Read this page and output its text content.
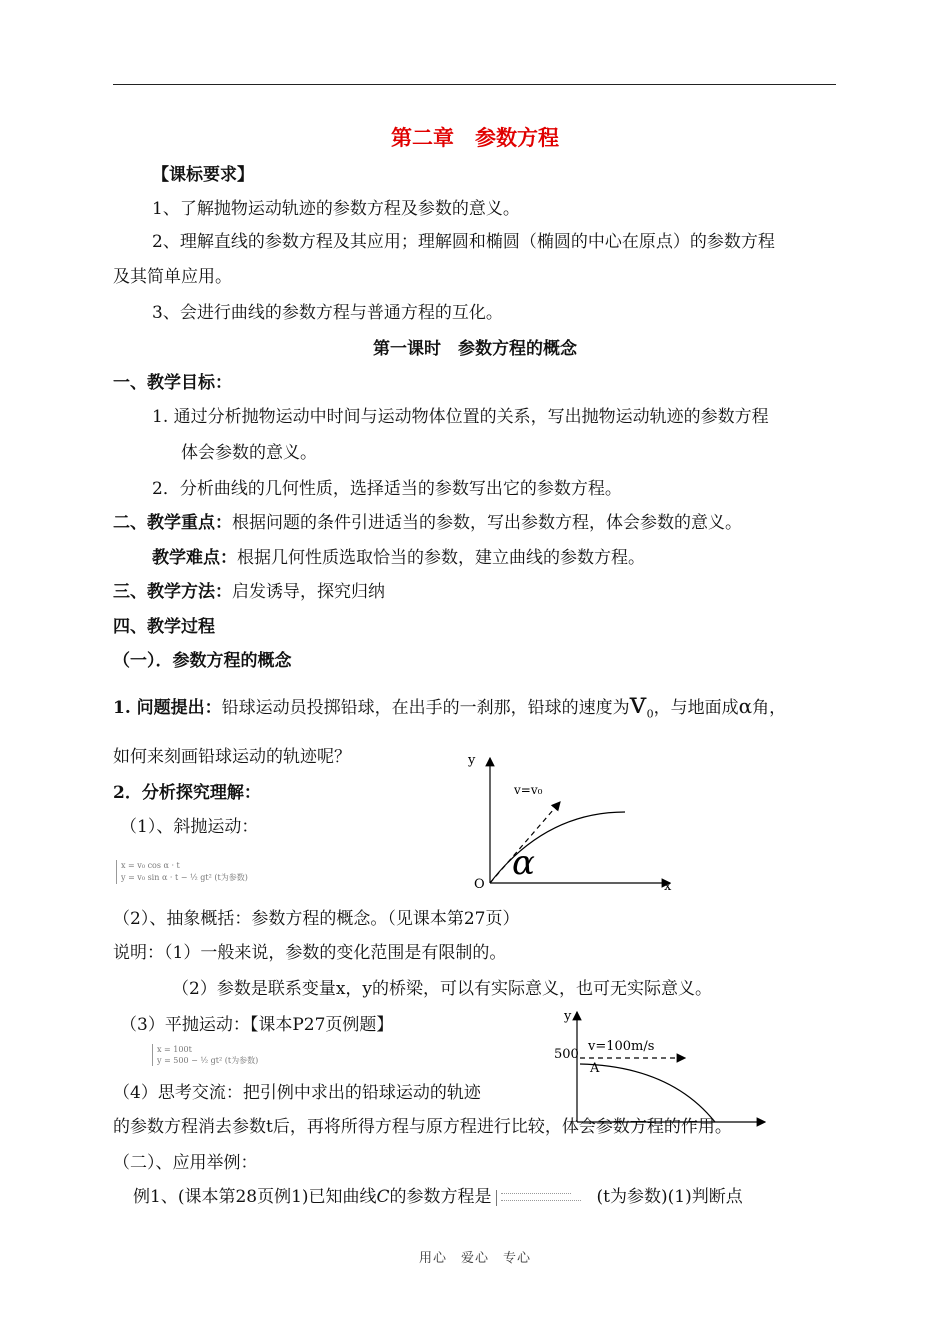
第二章　参数方程
【课标要求】
1、了解抛物运动轨迹的参数方程及参数的意义。
2、理解直线的参数方程及其应用；理解圆和椭圆（椭圆的中心在原点）的参数方程
及其简单应用。
3、会进行曲线的参数方程与普通方程的互化。
第一课时　参数方程的概念
一、教学目标：
1. 通过分析抛物运动中时间与运动物体位置的关系，写出抛物运动轨迹的参数方程
体会参数的意义。
2．分析曲线的几何性质，选择适当的参数写出它的参数方程。
二、教学重点：根据问题的条件引进适当的参数，写出参数方程，体会参数的意义。
教学难点：根据几何性质选取恰当的参数，建立曲线的参数方程。
三、教学方法：启发诱导，探究归纳
四、教学过程
（一）．参数方程的概念
1. 问题提出：铅球运动员投掷铅球，在出手的一刹那，铅球的速度为$v_0$，与地面成α角，
如何来刻画铅球运动的轨迹呢？
2．分析探究理解：
（1）、斜抛运动：
x = v₀ cos α · t
y = v₀ sin α · t − ½ gt² (t为参数)
y
x
O
v=v₀
α
（2）、抽象概括：参数方程的概念。（见课本第27页）
说明：（1）一般来说，参数的变化范围是有限制的。
（2）参数是联系变量x，y的桥梁，可以有实际意义，也可无实际意义。
（3）平抛运动：【课本P27页例题】
x = 100t
y = 500 − ½ gt² (t为参数)
y
500
v=100m/s
A
（4）思考交流：把引例中求出的铅球运动的轨迹
的参数方程消去参数t后，再将所得方程与原方程进行比较，体会参数方程的作用。
（二）、应用举例：
例1、(课本第28页例1)已知曲线C的参数方程是	(t为参数)(1)判断点
用心　爱心　专心
